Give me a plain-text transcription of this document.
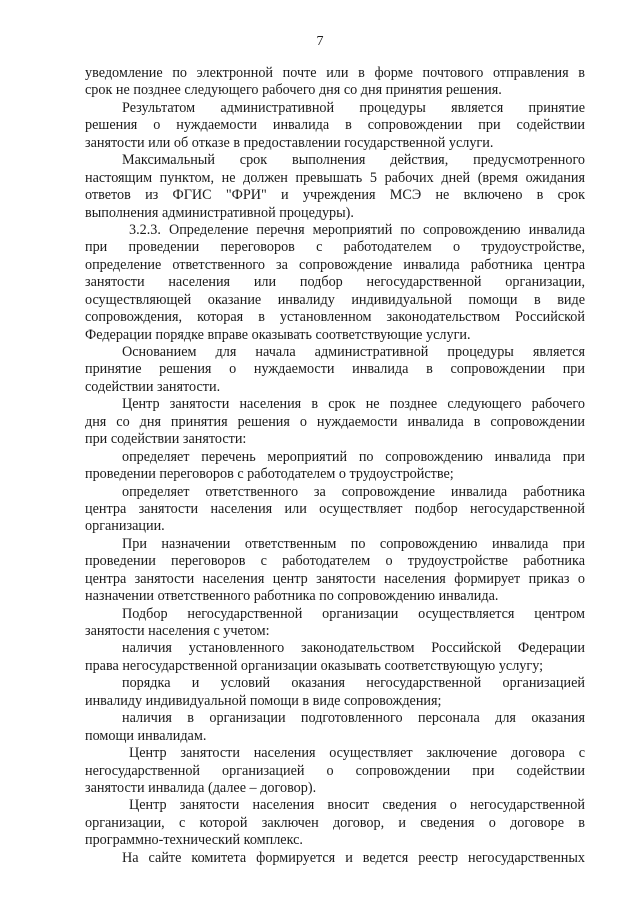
7
уведомление по электронной почте или в форме почтового отправления в
срок не позднее следующего рабочего дня со дня принятия решения.
Результатом административной процедуры является принятие
решения о нуждаемости инвалида в сопровождении при содействии
занятости или об отказе в предоставлении государственной услуги.
Максимальный срок выполнения действия, предусмотренного
настоящим пунктом, не должен превышать 5 рабочих дней (время ожидания
ответов из ФГИС "ФРИ" и учреждения МСЭ не включено в срок
выполнения административной процедуры).
3.2.3. Определение перечня мероприятий по сопровождению инвалида
при проведении переговоров с работодателем о трудоустройстве,
определение ответственного за сопровождение инвалида работника центра
занятости населения или подбор негосударственной организации,
осуществляющей оказание инвалиду индивидуальной помощи в виде
сопровождения, которая в установленном законодательством Российской
Федерации порядке вправе оказывать соответствующие услуги.
Основанием для начала административной процедуры является
принятие решения о нуждаемости инвалида в сопровождении при
содействии занятости.
Центр занятости населения в срок не позднее следующего рабочего
дня со дня принятия решения о нуждаемости инвалида в сопровождении
при содействии занятости:
определяет перечень мероприятий по сопровождению инвалида при
проведении переговоров с работодателем о трудоустройстве;
определяет ответственного за сопровождение инвалида работника
центра занятости населения или осуществляет подбор негосударственной
организации.
При назначении ответственным по сопровождению инвалида при
проведении переговоров с работодателем о трудоустройстве работника
центра занятости населения центр занятости населения формирует приказ о
назначении ответственного работника по сопровождению инвалида.
Подбор негосударственной организации осуществляется центром
занятости населения с учетом:
наличия установленного законодательством Российской Федерации
права негосударственной организации оказывать соответствующую услугу;
порядка и условий оказания негосударственной организацией
инвалиду индивидуальной помощи в виде сопровождения;
наличия в организации подготовленного персонала для оказания
помощи инвалидам.
Центр занятости населения осуществляет заключение договора с
негосударственной организацией о сопровождении при содействии
занятости инвалида (далее – договор).
Центр занятости населения вносит сведения о негосударственной
организации, с которой заключен договор, и сведения о договоре в
программно-технический комплекс.
На сайте комитета формируется и ведется реестр негосударственных
